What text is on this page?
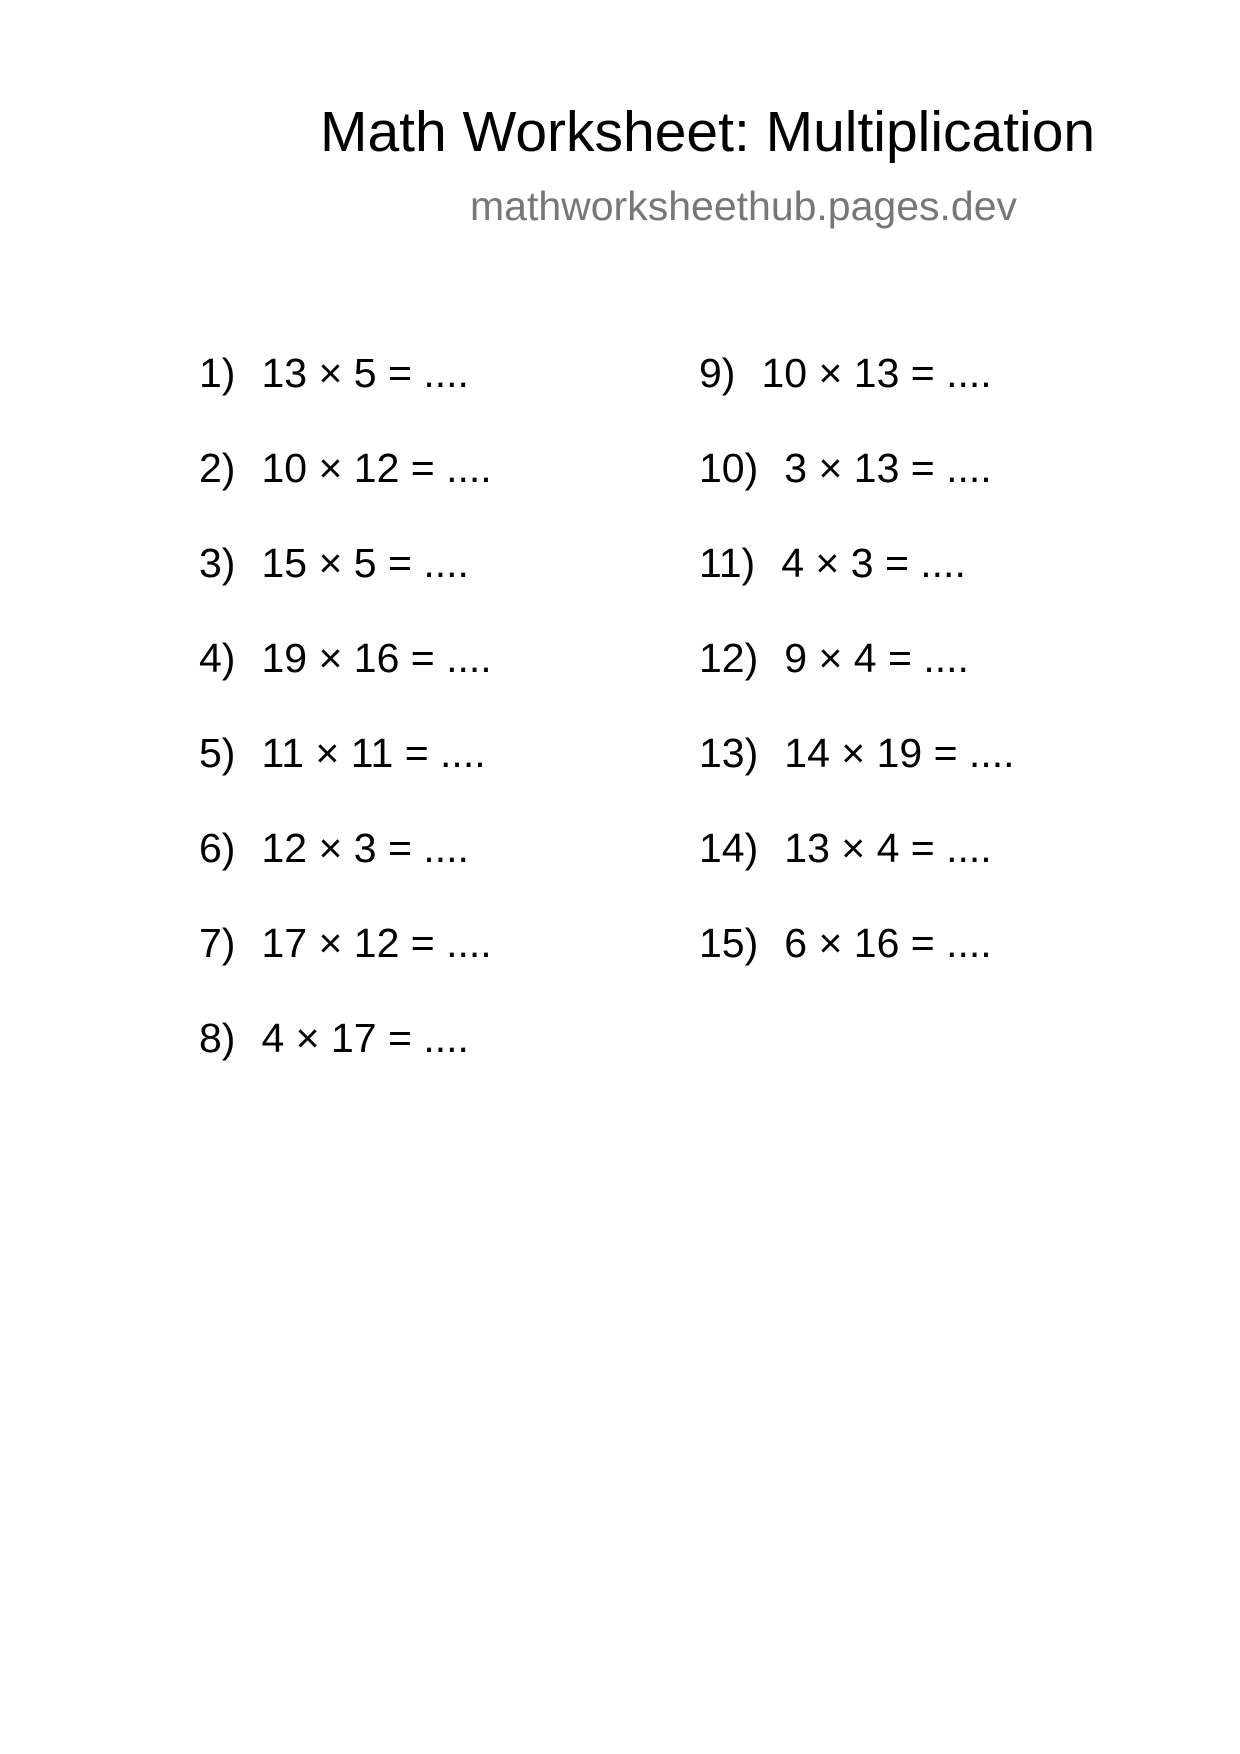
Math Worksheet: Multiplication
mathworksheethub.pages.dev
1) 13 × 5 = ....
2) 10 × 12 = ....
3) 15 × 5 = ....
4) 19 × 16 = ....
5) 11 × 11 = ....
6) 12 × 3 = ....
7) 17 × 12 = ....
8) 4 × 17 = ....
9) 10 × 13 = ....
10) 3 × 13 = ....
11) 4 × 3 = ....
12) 9 × 4 = ....
13) 14 × 19 = ....
14) 13 × 4 = ....
15) 6 × 16 = ....
